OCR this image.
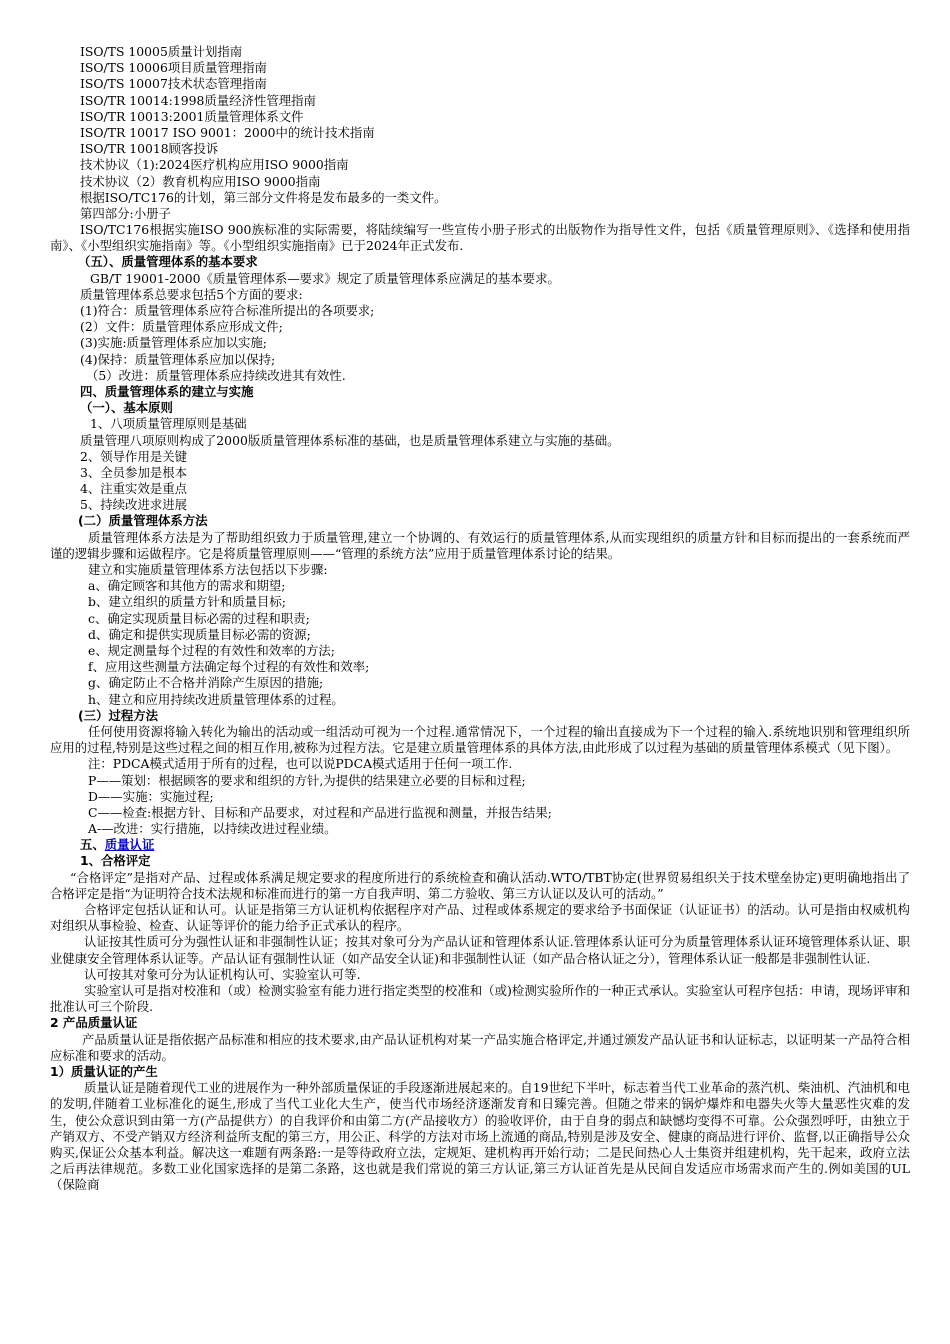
ISO/TS 10005质量计划指南
ISO/TS 10006项目质量管理指南
ISO/TS 10007技术状态管理指南
ISO/TR 10014:1998质量经济性管理指南
ISO/TR 10013:2001质量管理体系文件
ISO/TR 10017 ISO 9001：2000中的统计技术指南
ISO/TR 10018顾客投诉
技术协议（1):2024医疗机构应用ISO 9000指南
技术协议（2）教育机构应用ISO 9000指南
根据ISO/TC176的计划，第三部分文件将是发布最多的一类文件。
第四部分:小册子
ISO/TC176根据实施ISO 900族标准的实际需要，将陆续编写一些宣传小册子形式的出版物作为指导性文件，包括《质量管理原则》、《选择和使用指南》、《小型组织实施指南》等。《小型组织实施指南》已于2024年正式发布.
（五）、质量管理体系的基本要求
GB/T 19001-2000《质量管理体系—要求》规定了质量管理体系应满足的基本要求。
质量管理体系总要求包括5个方面的要求:
(1)符合：质量管理体系应符合标准所提出的各项要求;
(2）文件：质量管理体系应形成文件;
(3)实施:质量管理体系应加以实施;
(4)保持：质量管理体系应加以保持;
（5）改进：质量管理体系应持续改进其有效性.
四、质量管理体系的建立与实施
（一）、基本原则
1、八项质量管理原则是基础
质量管理八项原则构成了2000版质量管理体系标准的基础，也是质量管理体系建立与实施的基础。
2、领导作用是关键
3、全员参加是根本
4、注重实效是重点
5、持续改进求进展
(二）质量管理体系方法
质量管理体系方法是为了帮助组织致力于质量管理,建立一个协调的、有效运行的质量管理体系,从而实现组织的质量方针和目标而提出的一套系统而严谨的逻辑步骤和运做程序。它是将质量管理原则——“管理的系统方法”应用于质量管理体系讨论的结果。
建立和实施质量管理体系方法包括以下步骤:
a、确定顾客和其他方的需求和期望;
b、建立组织的质量方针和质量目标;
c、确定实现质量目标必需的过程和职责;
d、确定和提供实现质量目标必需的资源;
e、规定测量每个过程的有效性和效率的方法;
f、应用这些测量方法确定每个过程的有效性和效率;
g、确定防止不合格并消除产生原因的措施;
h、建立和应用持续改进质量管理体系的过程。
(三）过程方法
任何使用资源将输入转化为输出的活动或一组活动可视为一个过程.通常情况下，一个过程的输出直接成为下一个过程的输入.系统地识别和管理组织所应用的过程,特别是这些过程之间的相互作用,被称为过程方法。它是建立质量管理体系的具体方法,由此形成了以过程为基础的质量管理体系模式（见下图）。
注：PDCA模式适用于所有的过程，也可以说PDCA模式适用于任何一项工作.
P——策划：根据顾客的要求和组织的方针,为提供的结果建立必要的目标和过程;
D——实施：实施过程;
C——检查:根据方针、目标和产品要求，对过程和产品进行监视和测量，并报告结果;
A-—改进：实行措施，以持续改进过程业绩。
五、质量认证
1、合格评定
“合格评定”是指对产品、过程或体系满足规定要求的程度所进行的系统检查和确认活动.WTO/TBT协定(世界贸易组织关于技术壁垒协定)更明确地指出了合格评定是指“为证明符合技术法规和标准而进行的第一方自我声明、第二方验收、第三方认证以及认可的活动。”
合格评定包括认证和认可。认证是指第三方认证机构依据程序对产品、过程或体系规定的要求给予书面保证（认证证书）的活动。认可是指由权威机构对组织从事检验、检查、认证等评价的能力给予正式承认的程序。
认证按其性质可分为强性认证和非强制性认证；按其对象可分为产品认证和管理体系认证.管理体系认证可分为质量管理体系认证环境管理体系认证、职业健康安全管理体系认证等。产品认证有强制性认证（如产品安全认证)和非强制性认证（如产品合格认证之分），管理体系认证一般都是非强制性认证.
认可按其对象可分为认证机构认可、实验室认可等.
实验室认可是指对校准和（或）检测实验室有能力进行指定类型的校准和（或)检测实验所作的一种正式承认。实验室认可程序包括：申请，现场评审和批准认可三个阶段.
2 产品质量认证
产品质量认证是指依据产品标准和相应的技术要求,由产品认证机构对某一产品实施合格评定,并通过颁发产品认证书和认证标志，以证明某一产品符合相应标准和要求的活动。
1）质量认证的产生
质量认证是随着现代工业的进展作为一种外部质量保证的手段逐渐进展起来的。自19世纪下半叶，标志着当代工业革命的蒸汽机、柴油机、汽油机和电的发明,伴随着工业标准化的诞生,形成了当代工业化大生产，使当代市场经济逐渐发育和日臻完善。但随之带来的锅炉爆炸和电器失火等大量恶性灾难的发生，使公众意识到由第一方(产品提供方）的自我评价和由第二方(产品接收方）的验收评价，由于自身的弱点和缺憾均变得不可靠。公众强烈呼吁，由独立于产销双方、不受产销双方经济利益所支配的第三方，用公正、科学的方法对市场上流通的商品,特别是涉及安全、健康的商品进行评价、监督,以正确指导公众购买,保证公众基本利益。解决这一难题有两条路:一是等待政府立法，定规矩、建机构再开始行动；二是民间热心人士集资并组建机构，先干起来，政府立法之后再法律规范。多数工业化国家选择的是第二条路，这也就是我们常说的第三方认证,第三方认证首先是从民间自发适应市场需求而产生的.例如美国的UL（保险商
